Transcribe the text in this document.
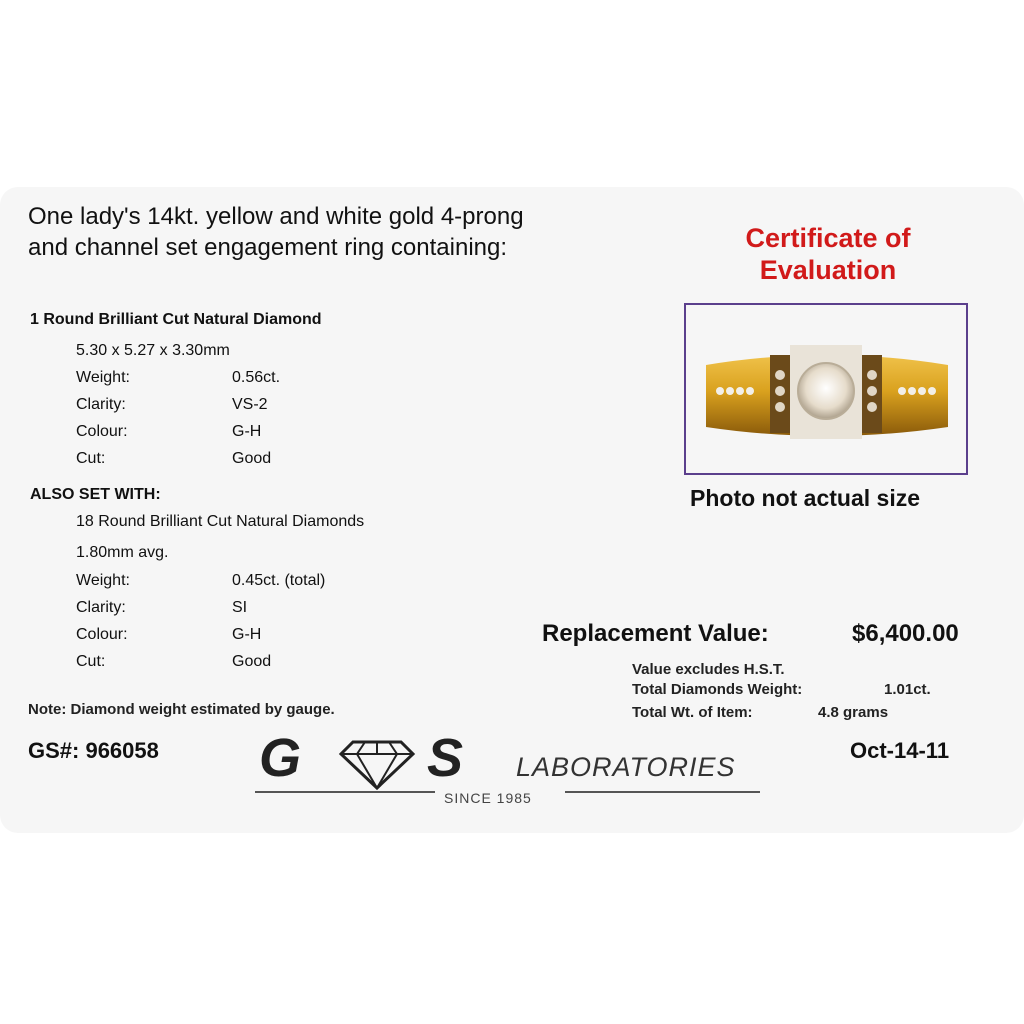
One lady's 14kt. yellow and white gold 4-prong
and channel set engagement ring containing:
1 Round Brilliant Cut Natural Diamond
5.30 x 5.27 x 3.30mm
Weight:	0.56ct.
Clarity:	VS-2
Colour:	G-H
Cut:	Good
ALSO SET WITH:
18 Round Brilliant Cut Natural Diamonds
1.80mm avg.
Weight:	0.45ct. (total)
Clarity:	SI
Colour:	G-H
Cut:	Good
Note: Diamond weight estimated by gauge.
Certificate of
Evaluation
Photo not actual size
Replacement Value:	$6,400.00
Value excludes H.S.T.
Total Diamonds Weight:	1.01ct.
Total Wt. of Item:	4.8 grams
GS#: 966058	Oct-14-11
G S LABORATORIES
SINCE 1985
